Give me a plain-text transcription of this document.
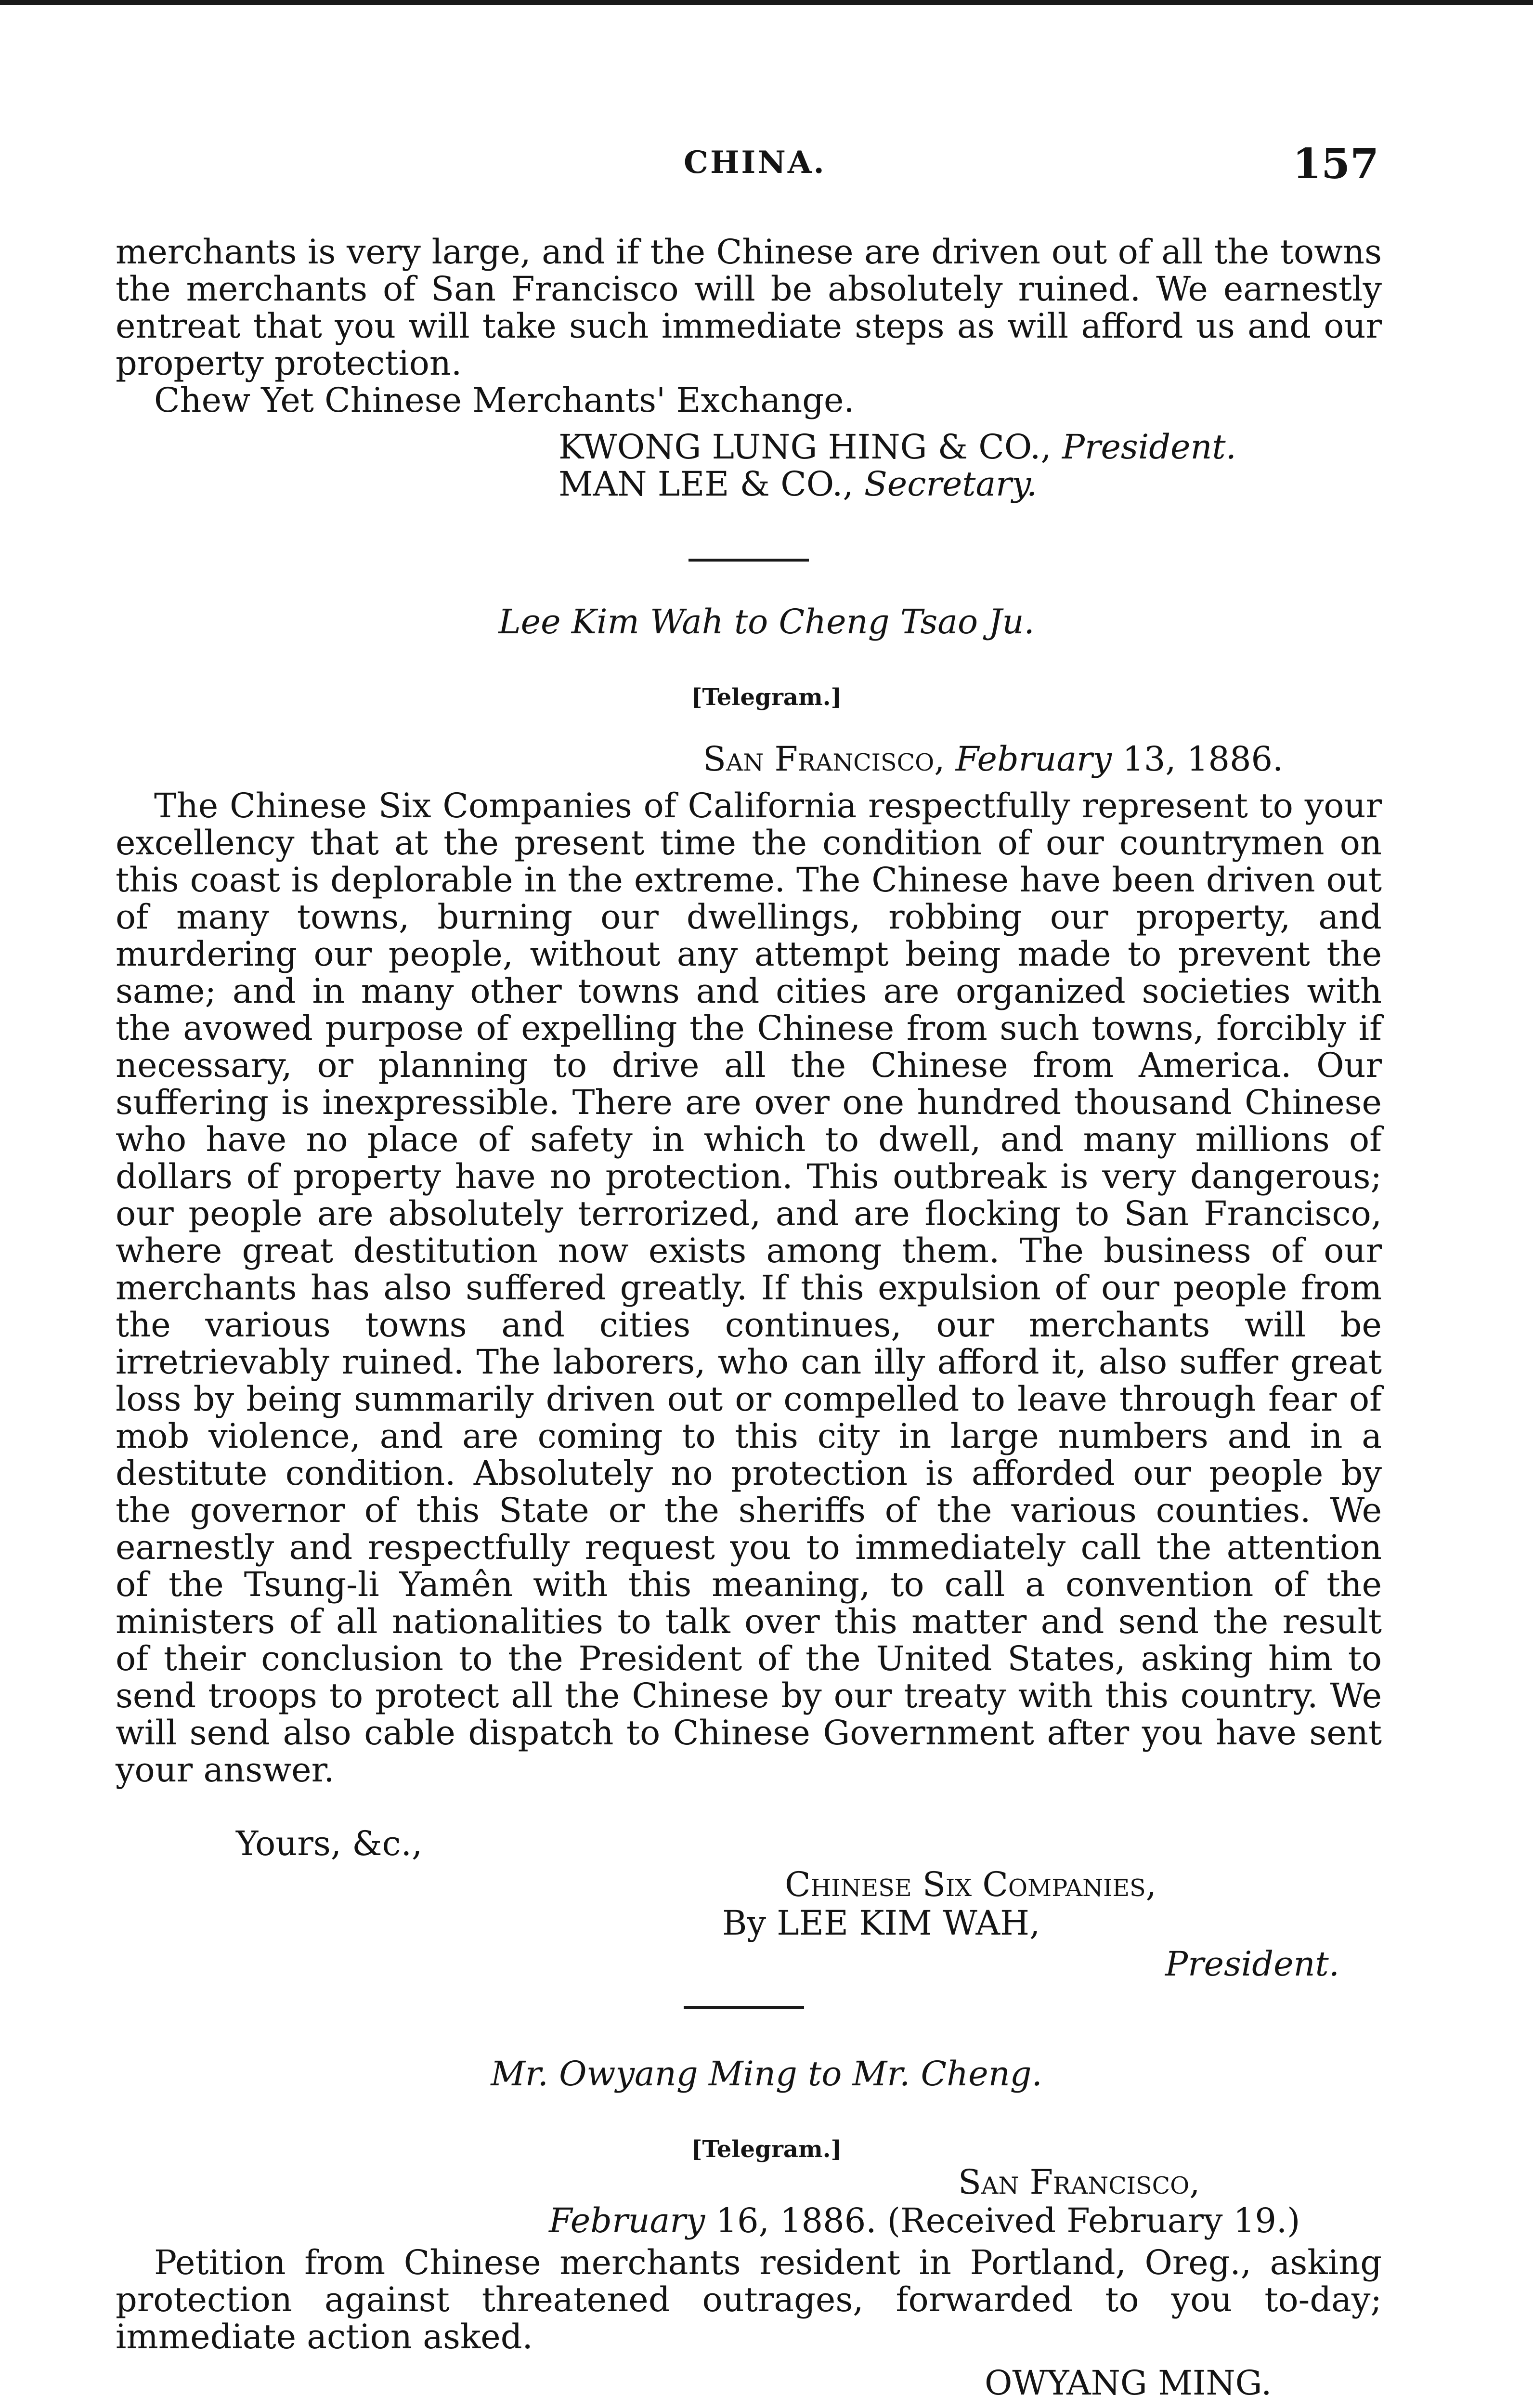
CHINA.	157

merchants is very large, and if the Chinese are driven out of all the towns the merchants of San Francisco will be absolutely ruined. We earnestly entreat that you will take such immediate steps as will afford us and our property protection.

Chew Yet Chinese Merchants' Exchange.

KWONG LUNG HING & CO., President.
MAN LEE & CO., Secretary.
Lee Kim Wah to Cheng Tsao Ju.
[Telegram.]
San Francisco, February 13, 1886.

The Chinese Six Companies of California respectfully represent to your excellency that at the present time the condition of our countrymen on this coast is deplorable in the extreme. The Chinese have been driven out of many towns, burning our dwellings, robbing our property, and murdering our people, without any attempt being made to prevent the same; and in many other towns and cities are organized societies with the avowed purpose of expelling the Chinese from such towns, forcibly if necessary, or planning to drive all the Chinese from America. Our suffering is inexpressible. There are over one hundred thousand Chinese who have no place of safety in which to dwell, and many millions of dollars of property have no protection. This outbreak is very dangerous; our people are absolutely terrorized, and are flocking to San Francisco, where great destitution now exists among them. The business of our merchants has also suffered greatly. If this expulsion of our people from the various towns and cities continues, our merchants will be irretrievably ruined. The laborers, who can illy afford it, also suffer great loss by being summarily driven out or compelled to leave through fear of mob violence, and are coming to this city in large numbers and in a destitute condition. Absolutely no protection is afforded our people by the governor of this State or the sheriffs of the various counties. We earnestly and respectfully request you to immediately call the attention of the Tsung-li Yamên with this meaning, to call a convention of the ministers of all nationalities to talk over this matter and send the result of their conclusion to the President of the United States, asking him to send troops to protect all the Chinese by our treaty with this country. We will send also cable dispatch to Chinese Government after you have sent your answer.

Yours, &c.,
Chinese Six Companies,
By LEE KIM WAH,
President.
Mr. Owyang Ming to Mr. Cheng.
[Telegram.]
San Francisco,
February 16, 1886. (Received February 19.)

Petition from Chinese merchants resident in Portland, Oreg., asking protection against threatened outrages, forwarded to you to-day; immediate action asked.

OWYANG MING.
